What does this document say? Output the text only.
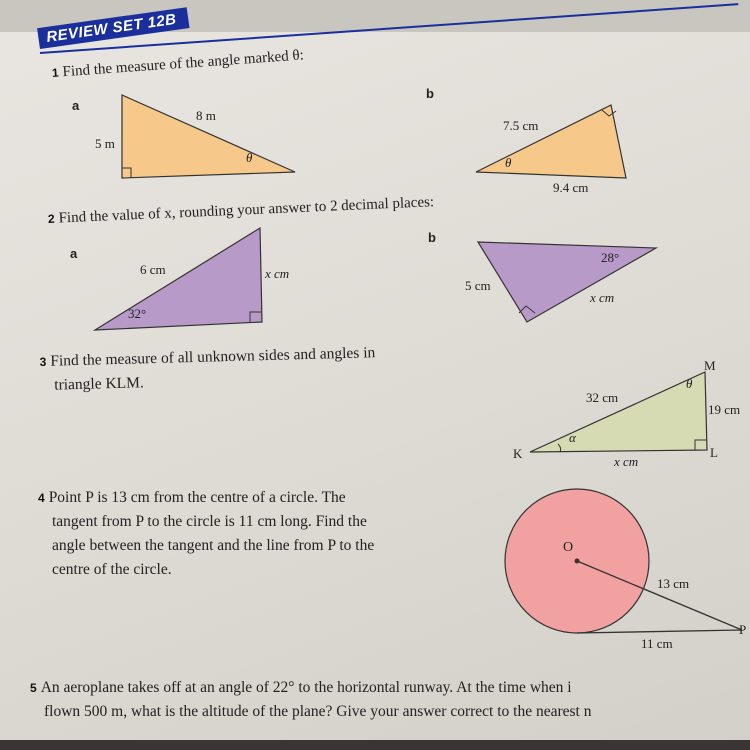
REVIEW SET 12B
1 Find the measure of the angle marked θ:
a
b
8 m
5 m
θ
7.5 cm
9.4 cm
θ
2 Find the value of x, rounding your answer to 2 decimal places:
a
b
6 cm	x cm
32°
5 cm
x cm
28°
3 Find the measure of all unknown sides and angles in
triangle KLM.
M
K	L
32 cm
19 cm
x cm
α
θ
4 Point P is 13 cm from the centre of a circle. The
tangent from P to the circle is 11 cm long. Find the
angle between the tangent and the line from P to the
centre of the circle.
O
P
13 cm
11 cm
5 An aeroplane takes off at an angle of 22° to the horizontal runway. At the time when i
flown 500 m, what is the altitude of the plane? Give your answer correct to the nearest n
